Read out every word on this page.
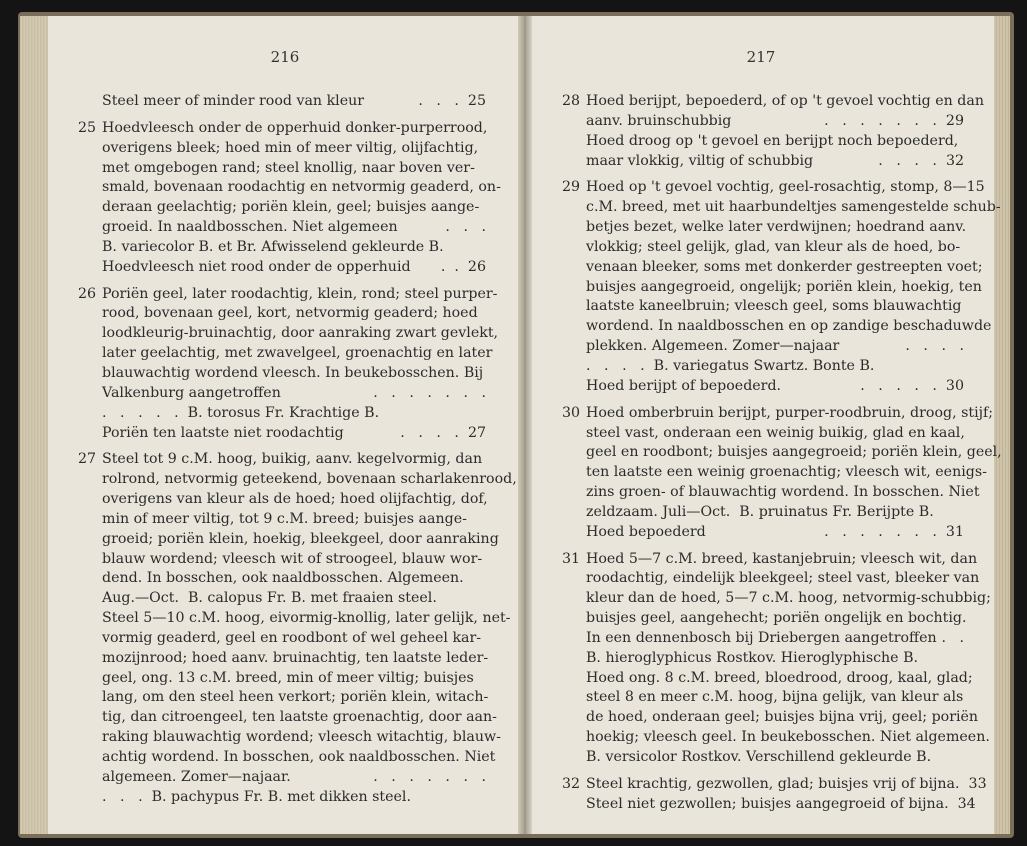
216
Steel meer of minder rood van kleur	.   .   .  25
25 Hoedvleesch onder de opperhuid donker-purperrood,
overigens bleek; hoed min of meer viltig, olijfachtig,
met omgebogen rand; steel knollig, naar boven ver-
smald, bovenaan roodachtig en netvormig geaderd, on-
deraan geelachtig; poriën klein, geel; buisjes aange-
groeid. In naaldbosschen. Niet algemeen	.   .   .
B. variecolor B. et Br. Afwisselend gekleurde B.
Hoedvleesch niet rood onder de opperhuid .  .  26
26 Poriën geel, later roodachtig, klein, rond; steel purper-
rood, bovenaan geel, kort, netvormig geaderd; hoed
loodkleurig-bruinachtig, door aanraking zwart gevlekt,
later geelachtig, met zwavelgeel, groenachtig en later
blauwachtig wordend vleesch. In beukebosschen. Bij
Valkenburg aangetroffen	.   .   .   .   .   .   .
.   .   .   .   .  B. torosus Fr. Krachtige B.
Poriën ten laatste niet roodachtig	.   .   .   .  27
27 Steel tot 9 c.M. hoog, buikig, aanv. kegelvormig, dan
rolrond, netvormig geteekend, bovenaan scharlakenrood,
overigens van kleur als de hoed; hoed olijfachtig, dof,
min of meer viltig, tot 9 c.M. breed; buisjes aange-
groeid; poriën klein, hoekig, bleekgeel, door aanraking
blauw wordend; vleesch wit of stroogeel, blauw wor-
dend. In bosschen, ook naaldbosschen. Algemeen.
Aug.—Oct.  B. calopus Fr. B. met fraaien steel.
Steel 5—10 c.M. hoog, eivormig-knollig, later gelijk, net-
vormig geaderd, geel en roodbont of wel geheel kar-
mozijnrood; hoed aanv. bruinachtig, ten laatste leder-
geel, ong. 13 c.M. breed, min of meer viltig; buisjes
lang, om den steel heen verkort; poriën klein, witach-
tig, dan citroengeel, ten laatste groenachtig, door aan-
raking blauwachtig wordend; vleesch witachtig, blauw-
achtig wordend. In bosschen, ook naaldbosschen. Niet
algemeen. Zomer—najaar.	.   .   .   .   .   .   .
.   .   .  B. pachypus Fr. B. met dikken steel.
217
28 Hoed berijpt, bepoederd, of op 't gevoel vochtig en dan
aanv. bruinschubbig	.   .   .   .   .   .   .  29
Hoed droog op 't gevoel en berijpt noch bepoederd,
maar vlokkig, viltig of schubbig	.   .   .   .  32
29 Hoed op 't gevoel vochtig, geel-rosachtig, stomp, 8—15
c.M. breed, met uit haarbundeltjes samengestelde schub-
betjes bezet, welke later verdwijnen; hoedrand aanv.
vlokkig; steel gelijk, glad, van kleur als de hoed, bo-
venaan bleeker, soms met donkerder gestreepten voet;
buisjes aangegroeid, ongelijk; poriën klein, hoekig, ten
laatste kaneelbruin; vleesch geel, soms blauwachtig
wordend. In naaldbosschen en op zandige beschaduwde
plekken. Algemeen. Zomer—najaar	.   .   .   .
.   .   .   .  B. variegatus Swartz. Bonte B.
Hoed berijpt of bepoederd.	.   .   .   .   .  30
30 Hoed omberbruin berijpt, purper-roodbruin, droog, stijf;
steel vast, onderaan een weinig buikig, glad en kaal,
geel en roodbont; buisjes aangegroeid; poriën klein, geel,
ten laatste een weinig groenachtig; vleesch wit, eenigs-
zins groen- of blauwachtig wordend. In bosschen. Niet
zeldzaam. Juli—Oct.  B. pruinatus Fr. Berijpte B.
Hoed bepoederd	.   .   .   .   .   .   .  31
31 Hoed 5—7 c.M. breed, kastanjebruin; vleesch wit, dan
roodachtig, eindelijk bleekgeel; steel vast, bleeker van
kleur dan de hoed, 5—7 c.M. hoog, netvormig-schubbig;
buisjes geel, aangehecht; poriën ongelijk en bochtig.
In een dennenbosch bij Driebergen aangetroffen .   .
B. hieroglyphicus Rostkov. Hieroglyphische B.
Hoed ong. 8 c.M. breed, bloedrood, droog, kaal, glad;
steel 8 en meer c.M. hoog, bijna gelijk, van kleur als
de hoed, onderaan geel; buisjes bijna vrij, geel; poriën
hoekig; vleesch geel. In beukebosschen. Niet algemeen.
B. versicolor Rostkov. Verschillend gekleurde B.
32 Steel krachtig, gezwollen, glad; buisjes vrij of bijna.  33
Steel niet gezwollen; buisjes aangegroeid of bijna.  34
